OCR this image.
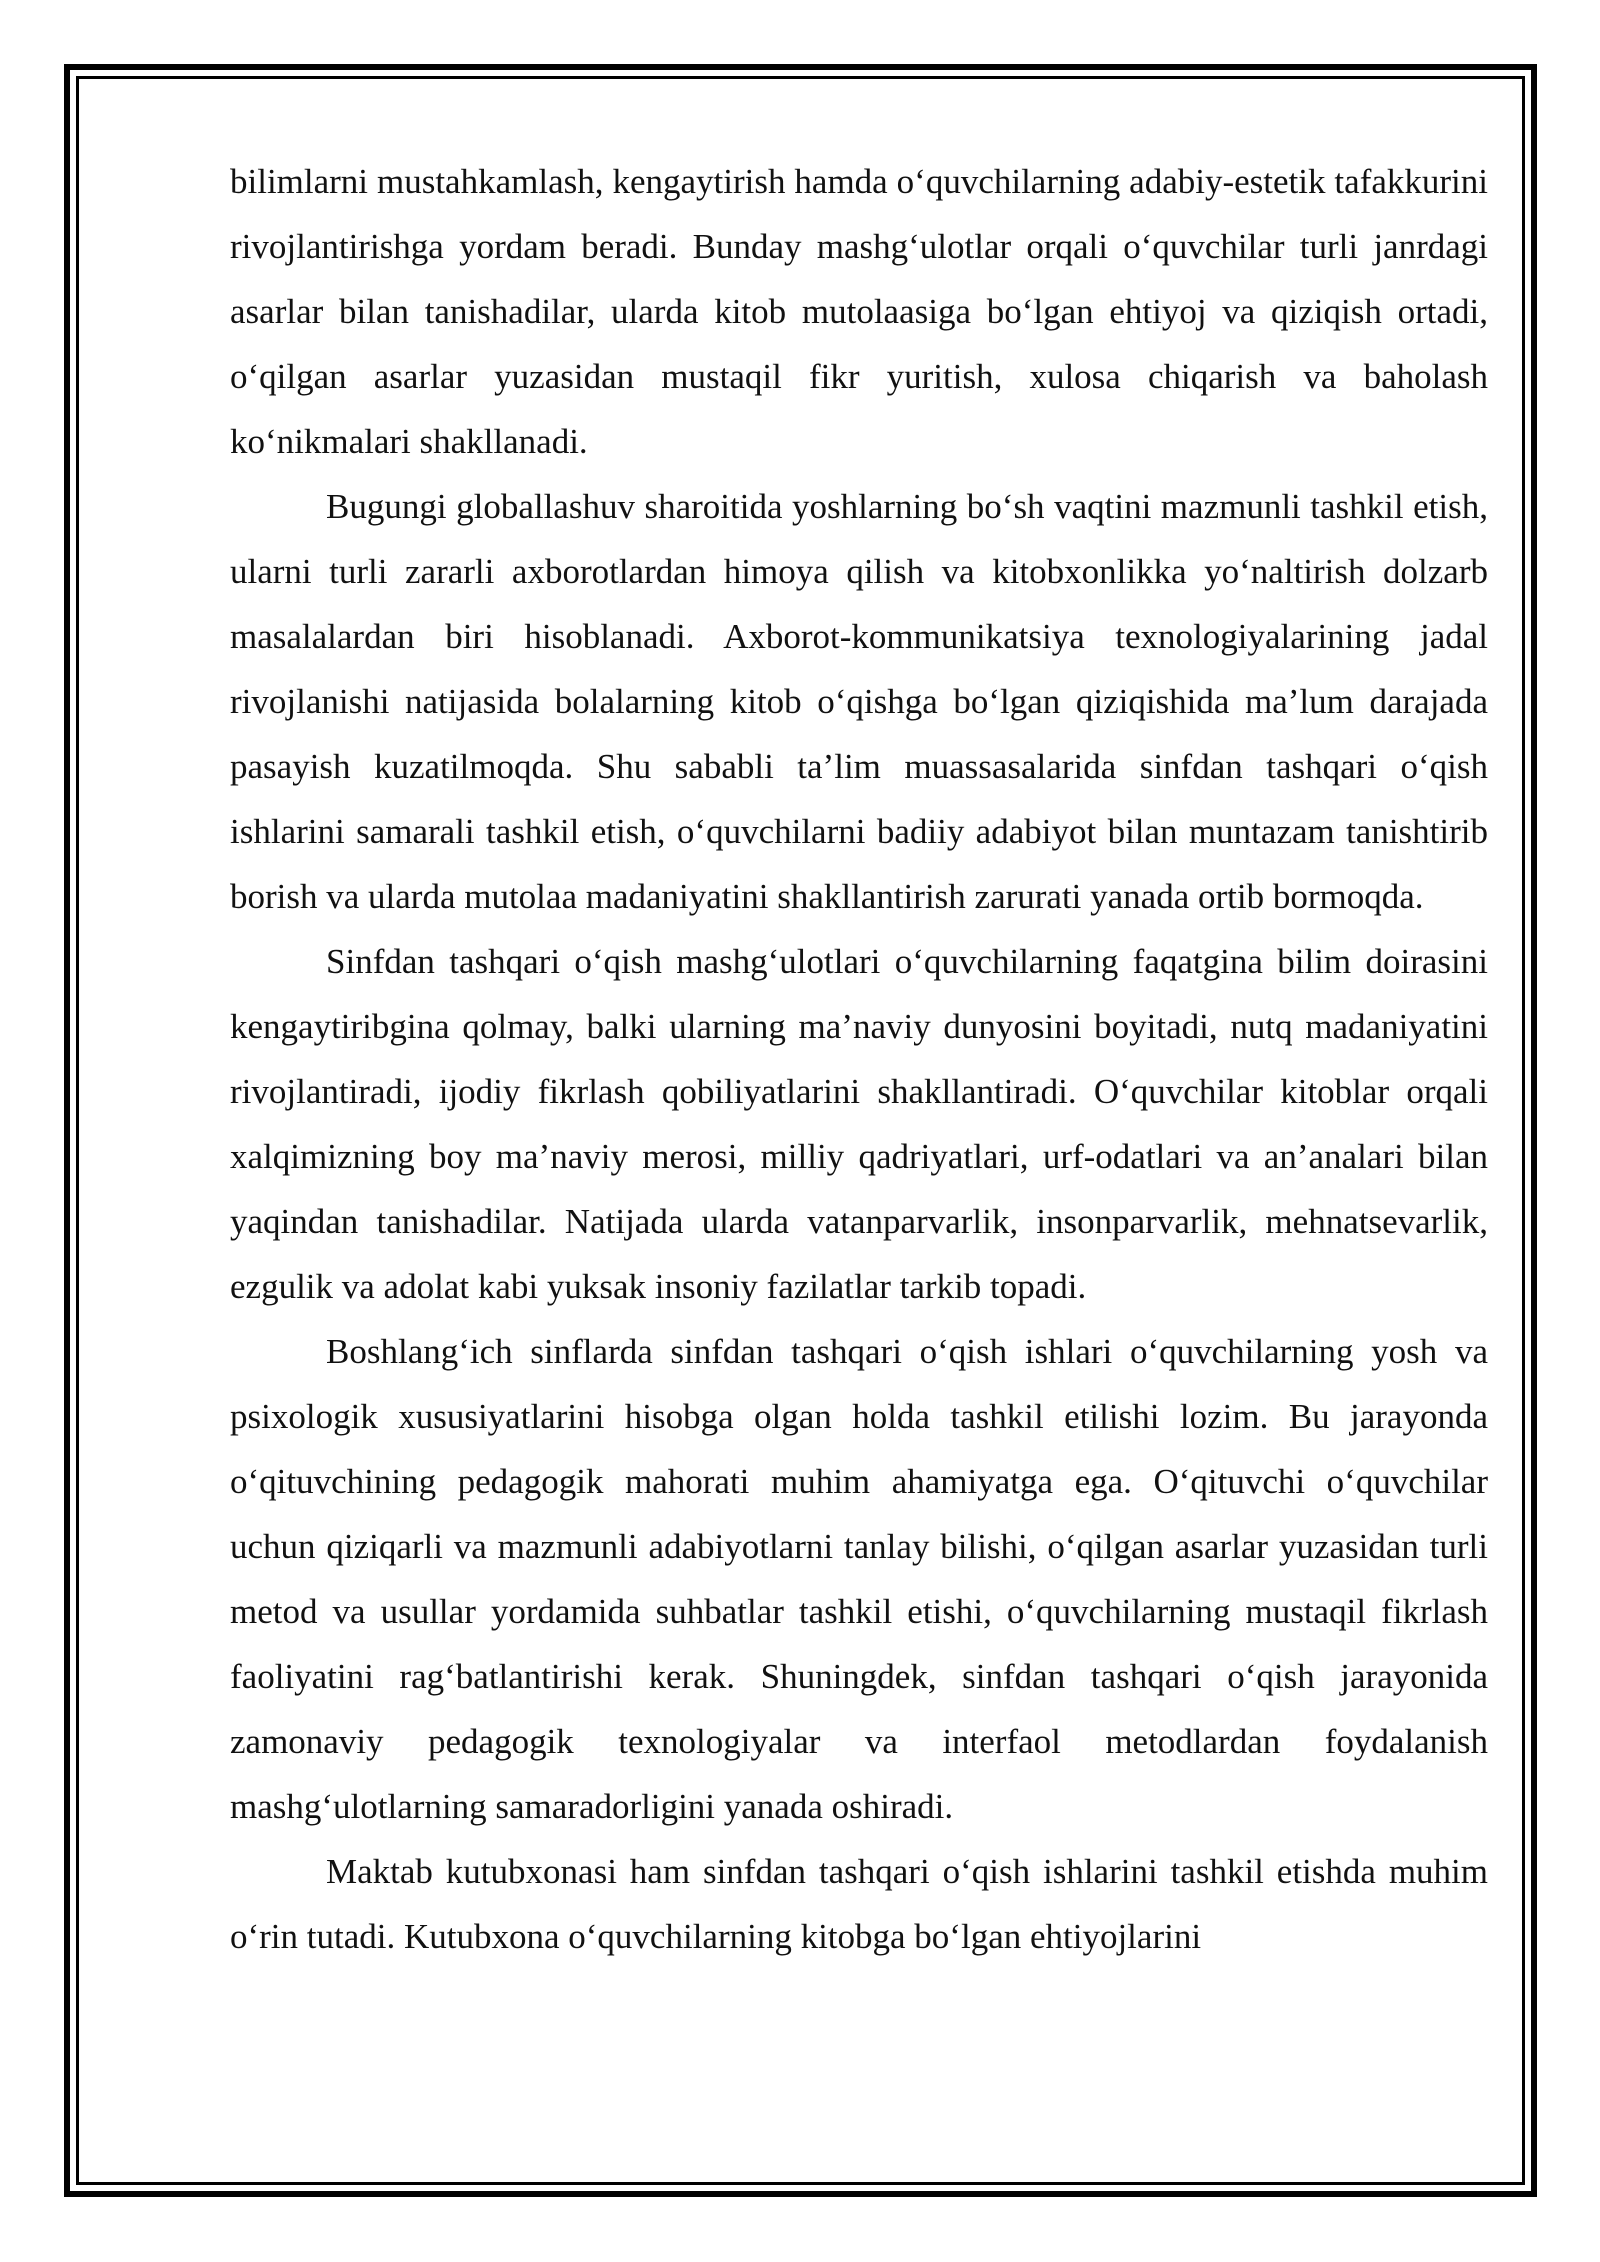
bilimlarni mustahkamlash, kengaytirish hamda o‘quvchilarning adabiy-estetik tafakkurini rivojlantirishga yordam beradi. Bunday mashg‘ulotlar orqali o‘quvchilar turli janrdagi asarlar bilan tanishadilar, ularda kitob mutolaasiga bo‘lgan ehtiyoj va qiziqish ortadi, o‘qilgan asarlar yuzasidan mustaqil fikr yuritish, xulosa chiqarish va baholash ko‘nikmalari shakllanadi.

Bugungi globallashuv sharoitida yoshlarning bo‘sh vaqtini mazmunli tashkil etish, ularni turli zararli axborotlardan himoya qilish va kitobxonlikka yo‘naltirish dolzarb masalalardan biri hisoblanadi. Axborot-kommunikatsiya texnologiyalarining jadal rivojlanishi natijasida bolalarning kitob o‘qishga bo‘lgan qiziqishida ma’lum darajada pasayish kuzatilmoqda. Shu sababli ta’lim muassasalarida sinfdan tashqari o‘qish ishlarini samarali tashkil etish, o‘quvchilarni badiiy adabiyot bilan muntazam tanishtirib borish va ularda mutolaa madaniyatini shakllantirish zarurati yanada ortib bormoqda.

Sinfdan tashqari o‘qish mashg‘ulotlari o‘quvchilarning faqatgina bilim doirasini kengaytiribgina qolmay, balki ularning ma’naviy dunyosini boyitadi, nutq madaniyatini rivojlantiradi, ijodiy fikrlash qobiliyatlarini shakllantiradi. O‘quvchilar kitoblar orqali xalqimizning boy ma’naviy merosi, milliy qadriyatlari, urf-odatlari va an’analari bilan yaqindan tanishadilar. Natijada ularda vatanparvarlik, insonparvarlik, mehnatsevarlik, ezgulik va adolat kabi yuksak insoniy fazilatlar tarkib topadi.

Boshlang‘ich sinflarda sinfdan tashqari o‘qish ishlari o‘quvchilarning yosh va psixologik xususiyatlarini hisobga olgan holda tashkil etilishi lozim. Bu jarayonda o‘qituvchining pedagogik mahorati muhim ahamiyatga ega. O‘qituvchi o‘quvchilar uchun qiziqarli va mazmunli adabiyotlarni tanlay bilishi, o‘qilgan asarlar yuzasidan turli metod va usullar yordamida suhbatlar tashkil etishi, o‘quvchilarning mustaqil fikrlash faoliyatini rag‘batlantirishi kerak. Shuningdek, sinfdan tashqari o‘qish jarayonida zamonaviy pedagogik texnologiyalar va interfaol metodlardan foydalanish mashg‘ulotlarning samaradorligini yanada oshiradi.

Maktab kutubxonasi ham sinfdan tashqari o‘qish ishlarini tashkil etishda muhim o‘rin tutadi. Kutubxona o‘quvchilarning kitobga bo‘lgan ehtiyojlarini
